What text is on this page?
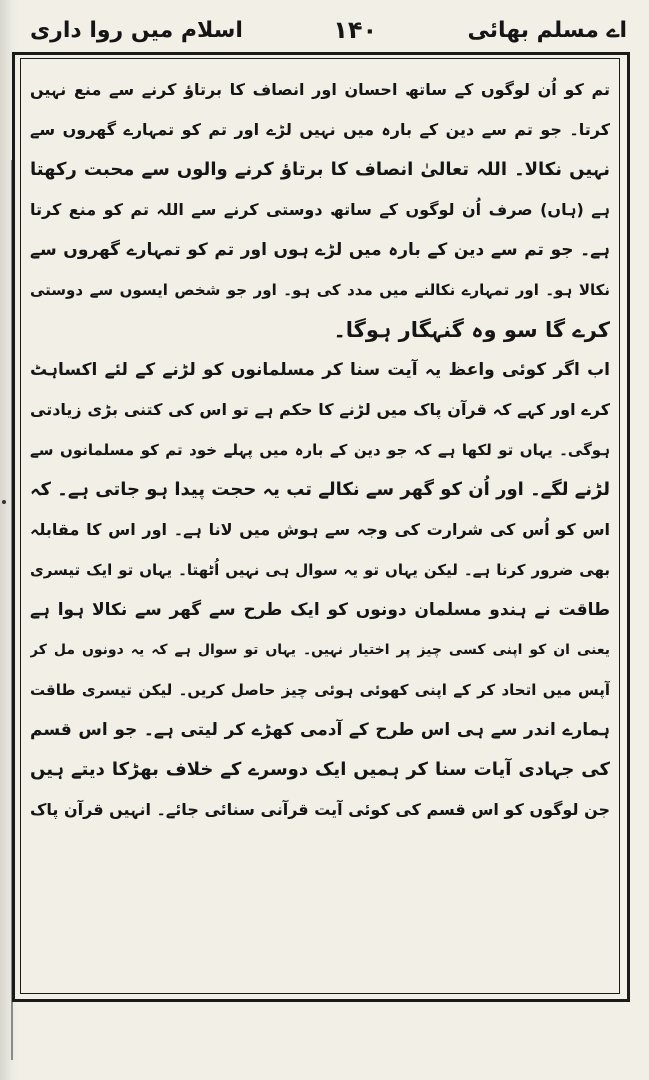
اے مسلم بھائی
۱۴۰
اسلام میں روا داری
تم کو اُن لوگوں کے ساتھ احسان اور انصاف کا برتاؤ کرنے سے منع نہیں
کرتا۔ جو تم سے دین کے بارہ میں نہیں لڑے اور تم کو تمہارے گھروں سے
نہیں نکالا۔ اللہ تعالیٰ انصاف کا برتاؤ کرنے والوں سے محبت رکھتا
ہے (ہاں) صرف اُن لوگوں کے ساتھ دوستی کرنے سے اللہ تم کو منع کرتا
ہے۔ جو تم سے دین کے بارہ میں لڑے ہوں اور تم کو تمہارے گھروں سے
نکالا ہو۔ اور تمہارے نکالنے میں مدد کی ہو۔ اور جو شخص ایسوں سے دوستی
کرے گا سو وہ گنہگار ہوگا۔
اب اگر کوئی واعظ یہ آیت سنا کر مسلمانوں کو لڑنے کے لئے اکساہٹ
کرے اور کہے کہ قرآن پاک میں لڑنے کا حکم ہے تو اس کی کتنی بڑی زیادتی
ہوگی۔ یہاں تو لکھا ہے کہ جو دین کے بارہ میں پہلے خود تم کو مسلمانوں سے
لڑنے لگے۔ اور اُن کو گھر سے نکالے تب یہ حجت پیدا ہو جاتی ہے۔ کہ
اس کو اُس کی شرارت کی وجہ سے ہوش میں لانا ہے۔ اور اس کا مقابلہ
بھی ضرور کرنا ہے۔ لیکن یہاں تو یہ سوال ہی نہیں اُٹھتا۔ یہاں تو ایک تیسری
طاقت نے ہندو مسلمان دونوں کو ایک طرح سے گھر سے نکالا ہوا ہے
یعنی ان کو اپنی کسی چیز پر اختیار نہیں۔ یہاں تو سوال ہے کہ یہ دونوں مل کر
آپس میں اتحاد کر کے اپنی کھوئی ہوئی چیز حاصل کریں۔ لیکن تیسری طاقت
ہمارے اندر سے ہی اس طرح کے آدمی کھڑے کر لیتی ہے۔ جو اس قسم
کی جہادی آیات سنا کر ہمیں ایک دوسرے کے خلاف بھڑکا دیتے ہیں
جن لوگوں کو اس قسم کی کوئی آیت قرآنی سنائی جائے۔ انہیں قرآن پاک
